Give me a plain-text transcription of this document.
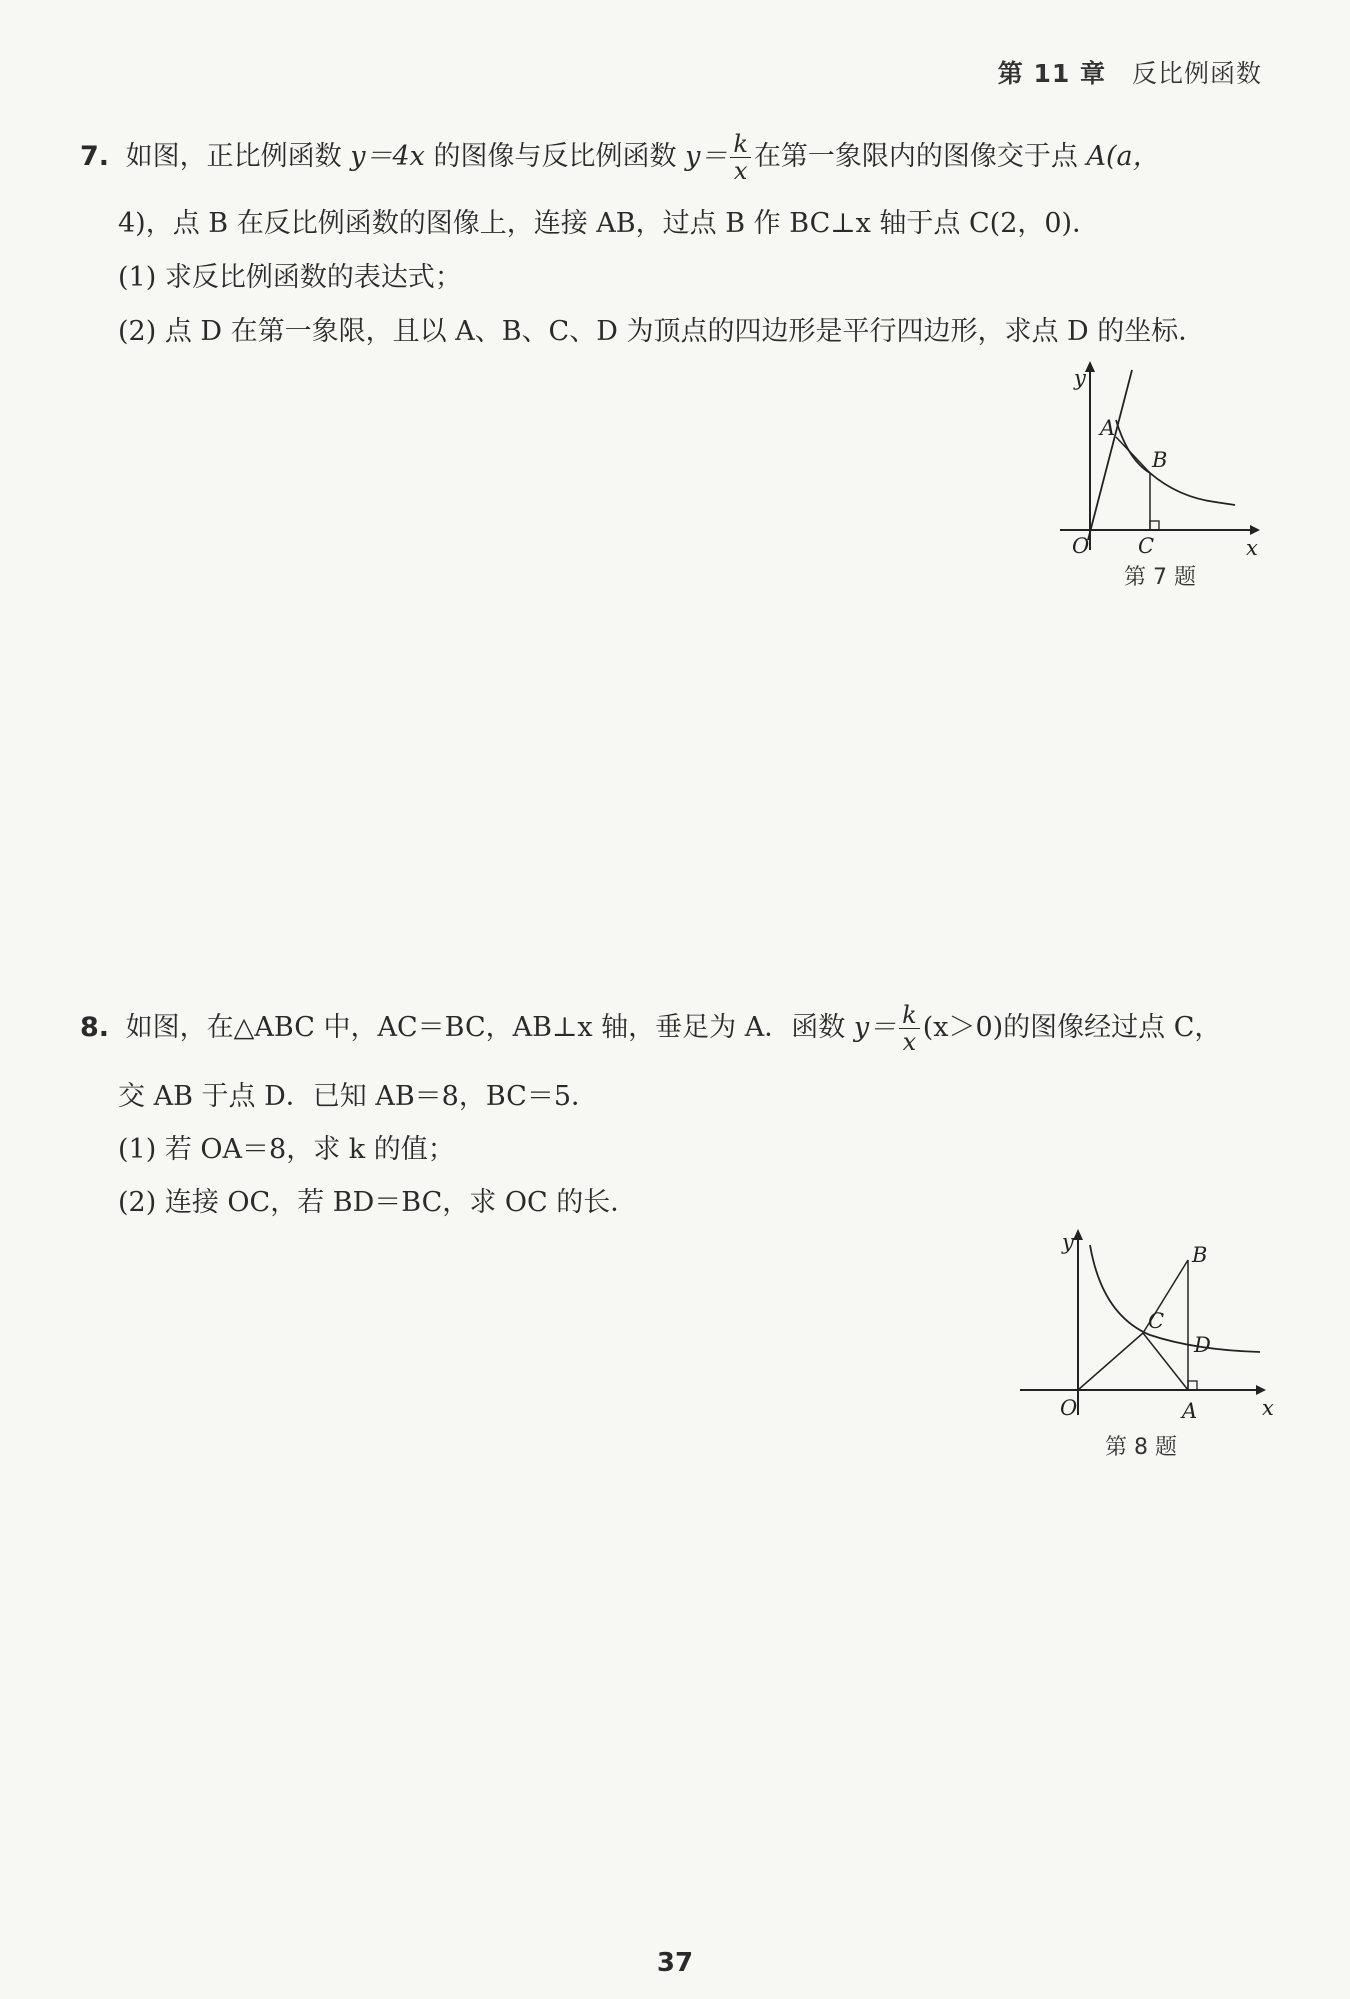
第 11 章 反比例函数
7. 如图，正比例函数 y＝4x 的图像与反比例函数 $y= \frac{k}{x}$ 在第一象限内的图像交于点 A(a，
4)，点 B 在反比例函数的图像上，连接 AB，过点 B 作 BC⊥x 轴于点 C(2，0)．
(1) 求反比例函数的表达式；
(2) 点 D 在第一象限，且以 A、B、C、D 为顶点的四边形是平行四边形，求点 D 的坐标．
y
x
O
A
B
C
第 7 题
8. 如图，在△ABC 中，AC＝BC，AB⊥x 轴，垂足为 A．函数 $y= \frac{k}{x} (x>0)$的图像经过点 C，
交 AB 于点 D．已知 AB＝8，BC＝5．
(1) 若 OA＝8，求 k 的值；
(2) 连接 OC，若 BD＝BC，求 OC 的长．
y
x
O	A
B
C
D
第 8 题
37
